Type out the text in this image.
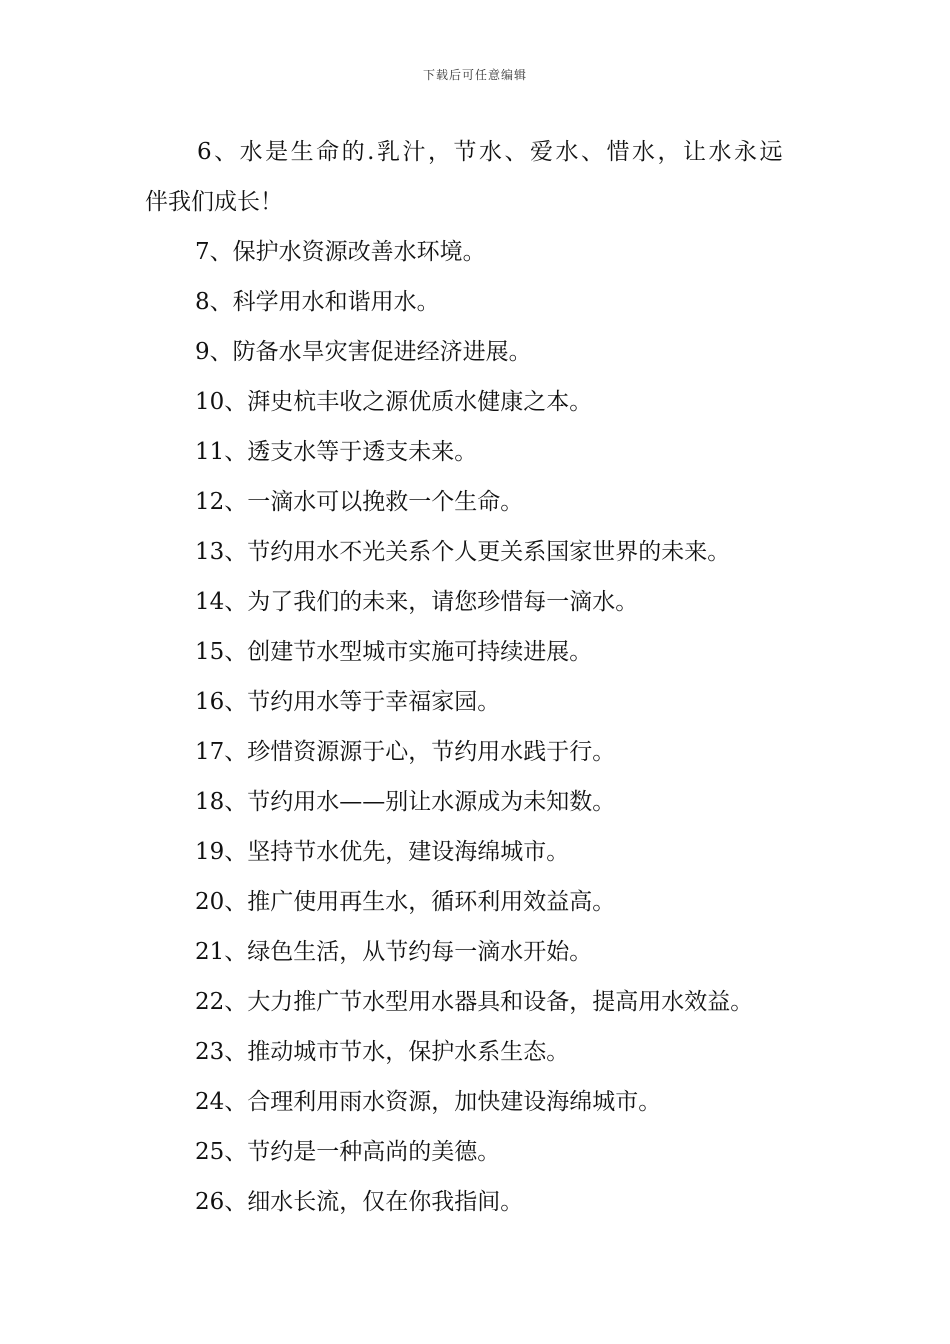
下载后可任意编辑
6、水是生命的.乳汁，节水、爱水、惜水，让水永远
伴我们成长！
7、保护水资源改善水环境。
8、科学用水和谐用水。
9、防备水旱灾害促进经济进展。
10、湃史杭丰收之源优质水健康之本。
11、透支水等于透支未来。
12、一滴水可以挽救一个生命。
13、节约用水不光关系个人更关系国家世界的未来。
14、为了我们的未来，请您珍惜每一滴水。
15、创建节水型城市实施可持续进展。
16、节约用水等于幸福家园。
17、珍惜资源源于心，节约用水践于行。
18、节约用水——别让水源成为未知数。
19、坚持节水优先，建设海绵城市。
20、推广使用再生水，循环利用效益高。
21、绿色生活，从节约每一滴水开始。
22、大力推广节水型用水器具和设备，提高用水效益。
23、推动城市节水，保护水系生态。
24、合理利用雨水资源，加快建设海绵城市。
25、节约是一种高尚的美德。
26、细水长流，仅在你我指间。
